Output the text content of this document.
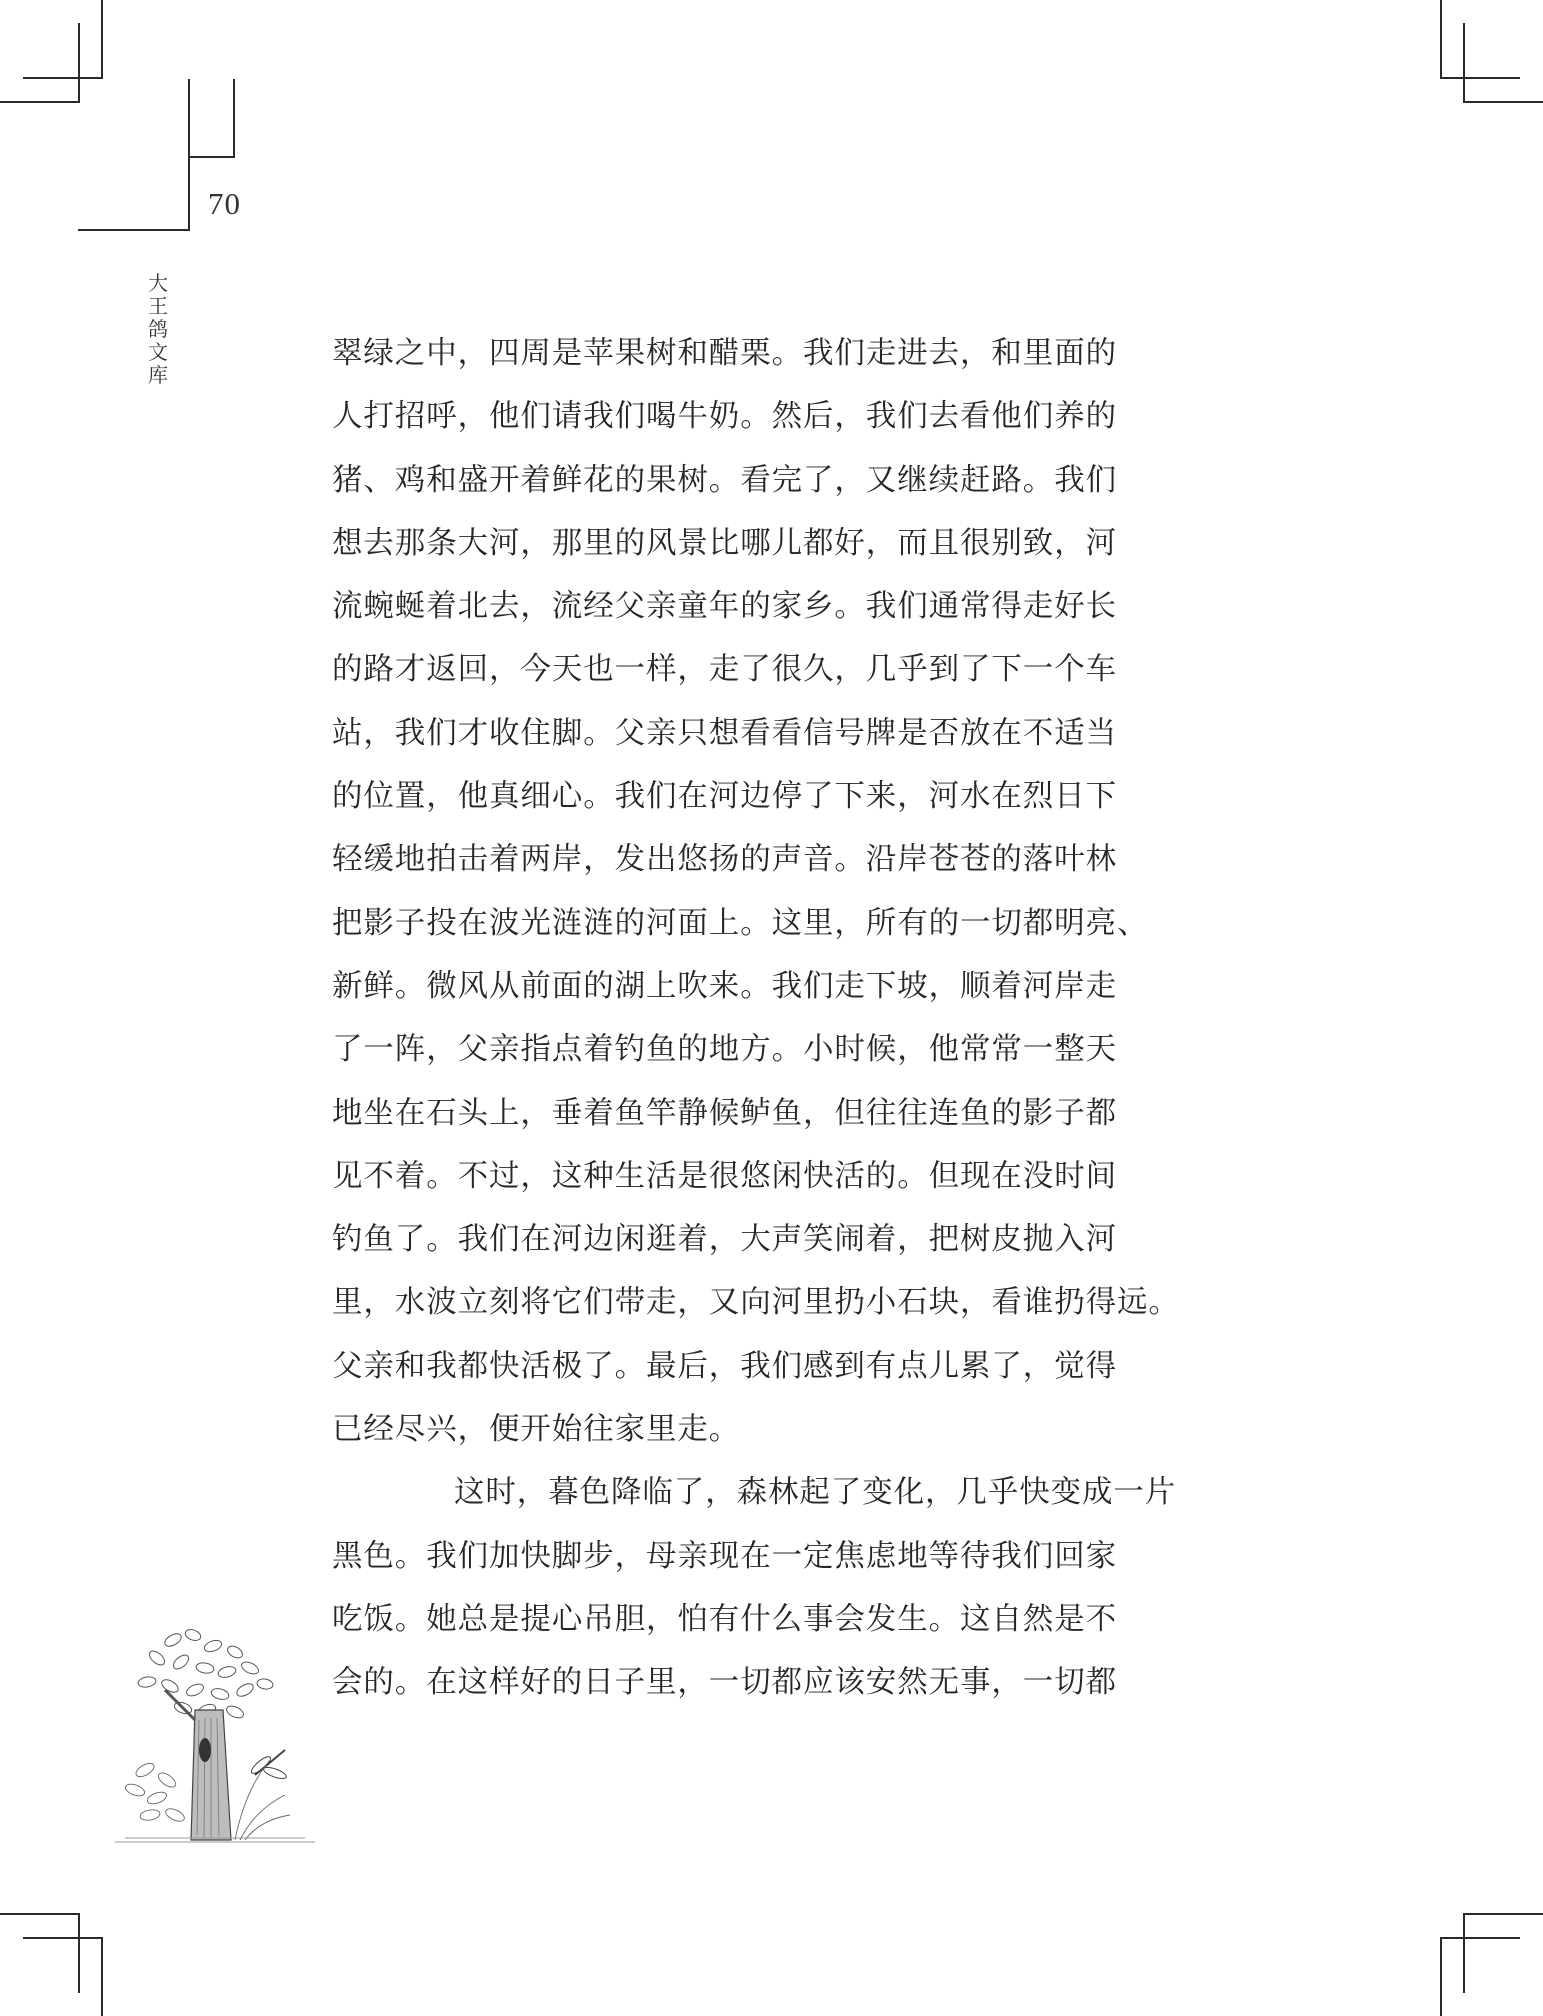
70
大
王
鸽
文
库

翠绿之中，四周是苹果树和醋栗。我们走进去，和里面的
人打招呼，他们请我们喝牛奶。然后，我们去看他们养的
猪、鸡和盛开着鲜花的果树。看完了，又继续赶路。我们
想去那条大河，那里的风景比哪儿都好，而且很别致，河
流蜿蜒着北去，流经父亲童年的家乡。我们通常得走好长
的路才返回，今天也一样，走了很久，几乎到了下一个车
站，我们才收住脚。父亲只想看看信号牌是否放在不适当
的位置，他真细心。我们在河边停了下来，河水在烈日下
轻缓地拍击着两岸，发出悠扬的声音。沿岸苍苍的落叶林
把影子投在波光涟涟的河面上。这里，所有的一切都明亮、
新鲜。微风从前面的湖上吹来。我们走下坡，顺着河岸走
了一阵，父亲指点着钓鱼的地方。小时候，他常常一整天
地坐在石头上，垂着鱼竿静候鲈鱼，但往往连鱼的影子都
见不着。不过，这种生活是很悠闲快活的。但现在没时间
钓鱼了。我们在河边闲逛着，大声笑闹着，把树皮抛入河
里，水波立刻将它们带走，又向河里扔小石块，看谁扔得远。
父亲和我都快活极了。最后，我们感到有点儿累了，觉得
已经尽兴，便开始往家里走。

这时，暮色降临了，森林起了变化，几乎快变成一片
黑色。我们加快脚步，母亲现在一定焦虑地等待我们回家
吃饭。她总是提心吊胆，怕有什么事会发生。这自然是不
会的。在这样好的日子里，一切都应该安然无事，一切都
